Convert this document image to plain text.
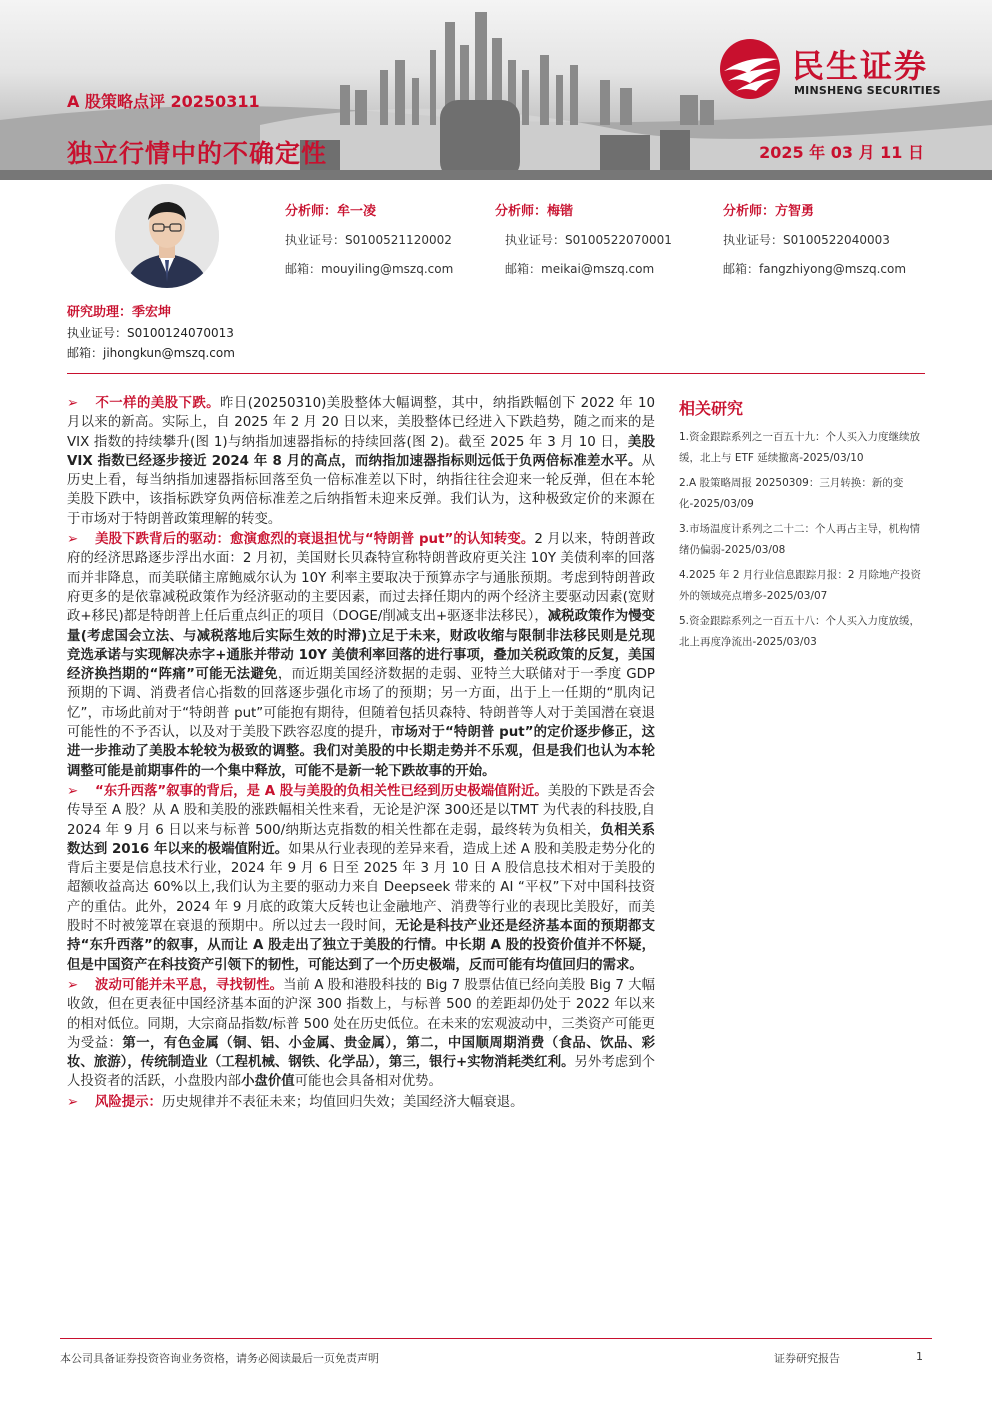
A 股策略点评 20250311
独立行情中的不确定性	2025 年 03 月 11 日
民生证券
MINSHENG SECURITIES
分析师：牟一凌
执业证号：S0100521120002
邮箱：mouyiling@mszq.com
分析师：梅锴
执业证号：S0100522070001
邮箱：meikai@mszq.com
分析师：方智勇
执业证号：S0100522040003
邮箱：fangzhiyong@mszq.com
研究助理：季宏坤
执业证号：S0100124070013
邮箱：jihongkun@mszq.com
➢ 不一样的美股下跌。昨日(20250310)美股整体大幅调整，其中，纳指跌幅创下 2022 年 10 月以来的新高。实际上，自 2025 年 2 月 20 日以来，美股整体已经进入下跌趋势，随之而来的是 VIX 指数的持续攀升(图 1)与纳指加速器指标的持续回落(图 2)。截至 2025 年 3 月 10 日，美股 VIX 指数已经逐步接近 2024 年 8 月的高点，而纳指加速器指标则远低于负两倍标准差水平。从历史上看，每当纳指加速器指标回落至负一倍标准差以下时，纳指往往会迎来一轮反弹，但在本轮美股下跌中，该指标跌穿负两倍标准差之后纳指暂未迎来反弹。我们认为，这种极致定价的来源在于市场对于特朗普政策理解的转变。
➢ 美股下跌背后的驱动：愈演愈烈的衰退担忧与“特朗普 put”的认知转变。2 月以来，特朗普政府的经济思路逐步浮出水面：2 月初，美国财长贝森特宣称特朗普政府更关注 10Y 美债利率的回落而并非降息，而美联储主席鲍威尔认为 10Y 利率主要取决于预算赤字与通胀预期。考虑到特朗普政府更多的是依靠减税政策作为经济驱动的主要因素，而过去择任期内的两个经济主要驱动因素(宽财政+移民)都是特朗普上任后重点纠正的项目（DOGE/削减支出+驱逐非法移民），减税政策作为慢变量(考虑国会立法、与减税落地后实际生效的时滞)立足于未来，财政收缩与限制非法移民则是兑现竞选承诺与实现解决赤字+通胀并带动 10Y 美债利率回落的进行事项，叠加关税政策的反复，美国经济换挡期的“阵痛”可能无法避免，而近期美国经济数据的走弱、亚特兰大联储对于一季度 GDP 预期的下调、消费者信心指数的回落逐步强化市场了的预期；另一方面，出于上一任期的“肌肉记忆”，市场此前对于“特朗普 put”可能抱有期待，但随着包括贝森特、特朗普等人对于美国潜在衰退可能性的不予否认，以及对于美股下跌容忍度的提升，市场对于“特朗普 put”的定价逐步修正，这进一步推动了美股本轮较为极致的调整。我们对美股的中长期走势并不乐观，但是我们也认为本轮调整可能是前期事件的一个集中释放，可能不是新一轮下跌故事的开始。
➢ “东升西落”叙事的背后，是 A 股与美股的负相关性已经到历史极端值附近。美股的下跌是否会传导至 A 股？从 A 股和美股的涨跌幅相关性来看，无论是沪深 300还是以TMT 为代表的科技股,自 2024 年 9 月 6 日以来与标普 500/纳斯达克指数的相关性都在走弱，最终转为负相关，负相关系数达到 2016 年以来的极端值附近。如果从行业表现的差异来看，造成上述 A 股和美股走势分化的背后主要是信息技术行业，2024 年 9 月 6 日至 2025 年 3 月 10 日 A 股信息技术相对于美股的超额收益高达 60%以上,我们认为主要的驱动力来自 Deepseek 带来的 AI “平权”下对中国科技资产的重估。此外，2024 年 9 月底的政策大反转也让金融地产、消费等行业的表现比美股好，而美股时不时被笼罩在衰退的预期中。所以过去一段时间，无论是科技产业还是经济基本面的预期都支持“东升西落”的叙事，从而让 A 股走出了独立于美股的行情。中长期 A 股的投资价值并不怀疑，但是中国资产在科技资产引领下的韧性，可能达到了一个历史极端，反而可能有均值回归的需求。
➢ 波动可能并未平息，寻找韧性。当前 A 股和港股科技的 Big 7 股票估值已经向美股 Big 7 大幅收敛，但在更表征中国经济基本面的沪深 300 指数上，与标普 500 的差距却仍处于 2022 年以来的相对低位。同期，大宗商品指数/标普 500 处在历史低位。在未来的宏观波动中，三类资产可能更为受益：第一，有色金属（铜、铝、小金属、贵金属），第二，中国顺周期消费（食品、饮品、彩妆、旅游），传统制造业（工程机械、钢铁、化学品），第三，银行+实物消耗类红利。另外考虑到个人投资者的活跃，小盘股内部小盘价值可能也会具备相对优势。
➢ 风险提示：历史规律并不表征未来；均值回归失效；美国经济大幅衰退。
相关研究
1.资金跟踪系列之一百五十九：个人买入力度继续放缓，北上与 ETF 延续撤离-2025/03/10
2.A 股策略周报 20250309：三月转换：新的变化-2025/03/09
3.市场温度计系列之二十二：个人再占主导，机构情绪仍偏弱-2025/03/08
4.2025 年 2 月行业信息跟踪月报：2 月除地产投资外的领域亮点增多-2025/03/07
5.资金跟踪系列之一百五十八：个人买入力度放缓，北上再度净流出-2025/03/03
本公司具备证券投资咨询业务资格，请务必阅读最后一页免责声明	证券研究报告	1
